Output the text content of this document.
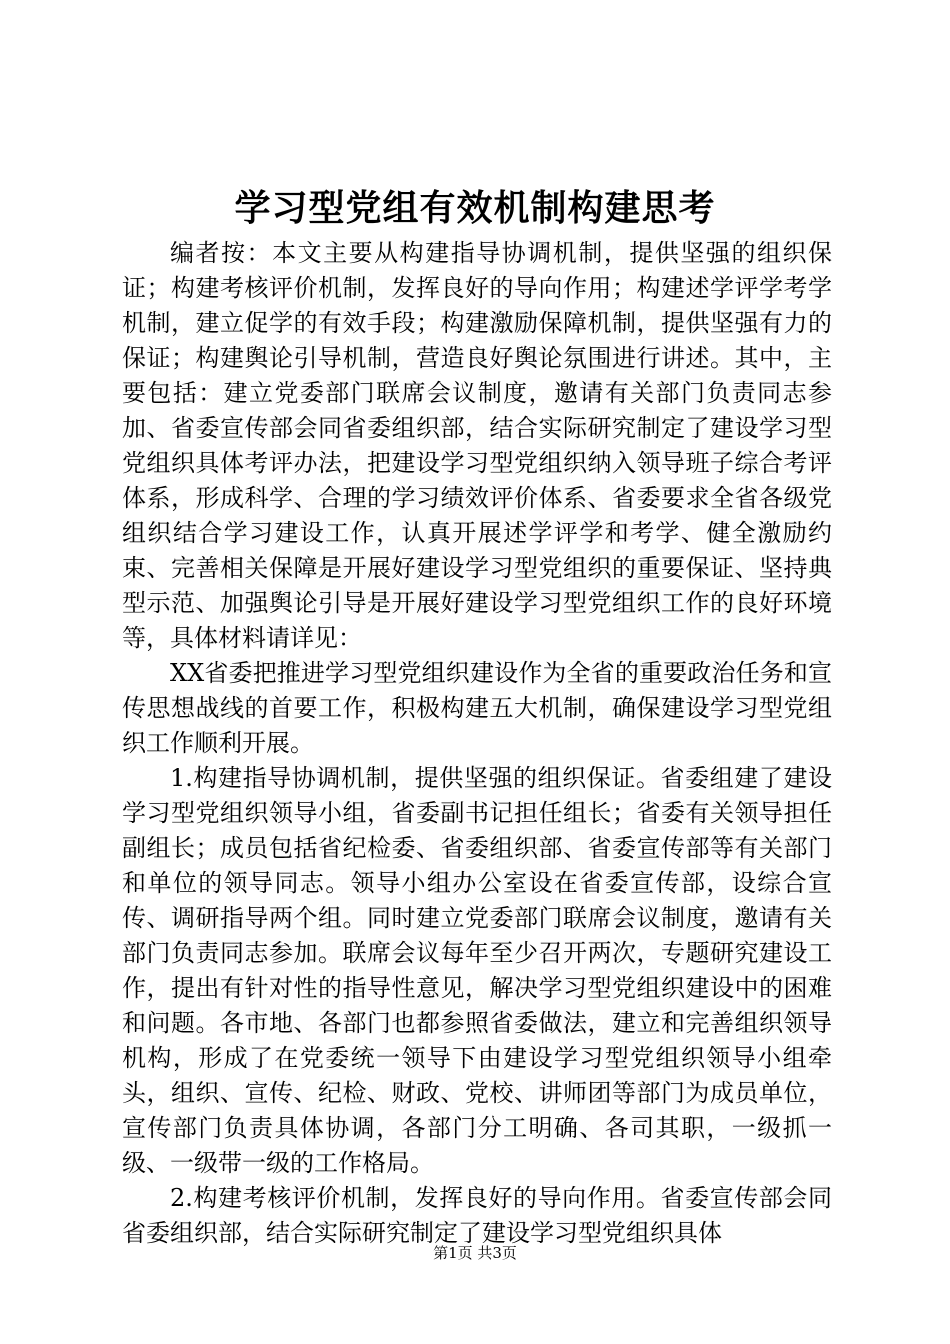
学习型党组有效机制构建思考

编者按：本文主要从构建指导协调机制，提供坚强的组织保证；构建考核评价机制，发挥良好的导向作用；构建述学评学考学机制，建立促学的有效手段；构建激励保障机制，提供坚强有力的保证；构建舆论引导机制，营造良好舆论氛围进行讲述。其中，主要包括：建立党委部门联席会议制度，邀请有关部门负责同志参加、省委宣传部会同省委组织部，结合实际研究制定了建设学习型党组织具体考评办法，把建设学习型党组织纳入领导班子综合考评体系，形成科学、合理的学习绩效评价体系、省委要求全省各级党组织结合学习建设工作，认真开展述学评学和考学、健全激励约束、完善相关保障是开展好建设学习型党组织的重要保证、坚持典型示范、加强舆论引导是开展好建设学习型党组织工作的良好环境等，具体材料请详见：

XX省委把推进学习型党组织建设作为全省的重要政治任务和宣传思想战线的首要工作，积极构建五大机制，确保建设学习型党组织工作顺利开展。

1.构建指导协调机制，提供坚强的组织保证。省委组建了建设学习型党组织领导小组，省委副书记担任组长；省委有关领导担任副组长；成员包括省纪检委、省委组织部、省委宣传部等有关部门和单位的领导同志。领导小组办公室设在省委宣传部，设综合宣传、调研指导两个组。同时建立党委部门联席会议制度，邀请有关部门负责同志参加。联席会议每年至少召开两次，专题研究建设工作，提出有针对性的指导性意见，解决学习型党组织建设中的困难和问题。各市地、各部门也都参照省委做法，建立和完善组织领导机构，形成了在党委统一领导下由建设学习型党组织领导小组牵头，组织、宣传、纪检、财政、党校、讲师团等部门为成员单位，宣传部门负责具体协调，各部门分工明确、各司其职，一级抓一级、一级带一级的工作格局。

2.构建考核评价机制，发挥良好的导向作用。省委宣传部会同省委组织部，结合实际研究制定了建设学习型党组织具体

第1页 共3页
